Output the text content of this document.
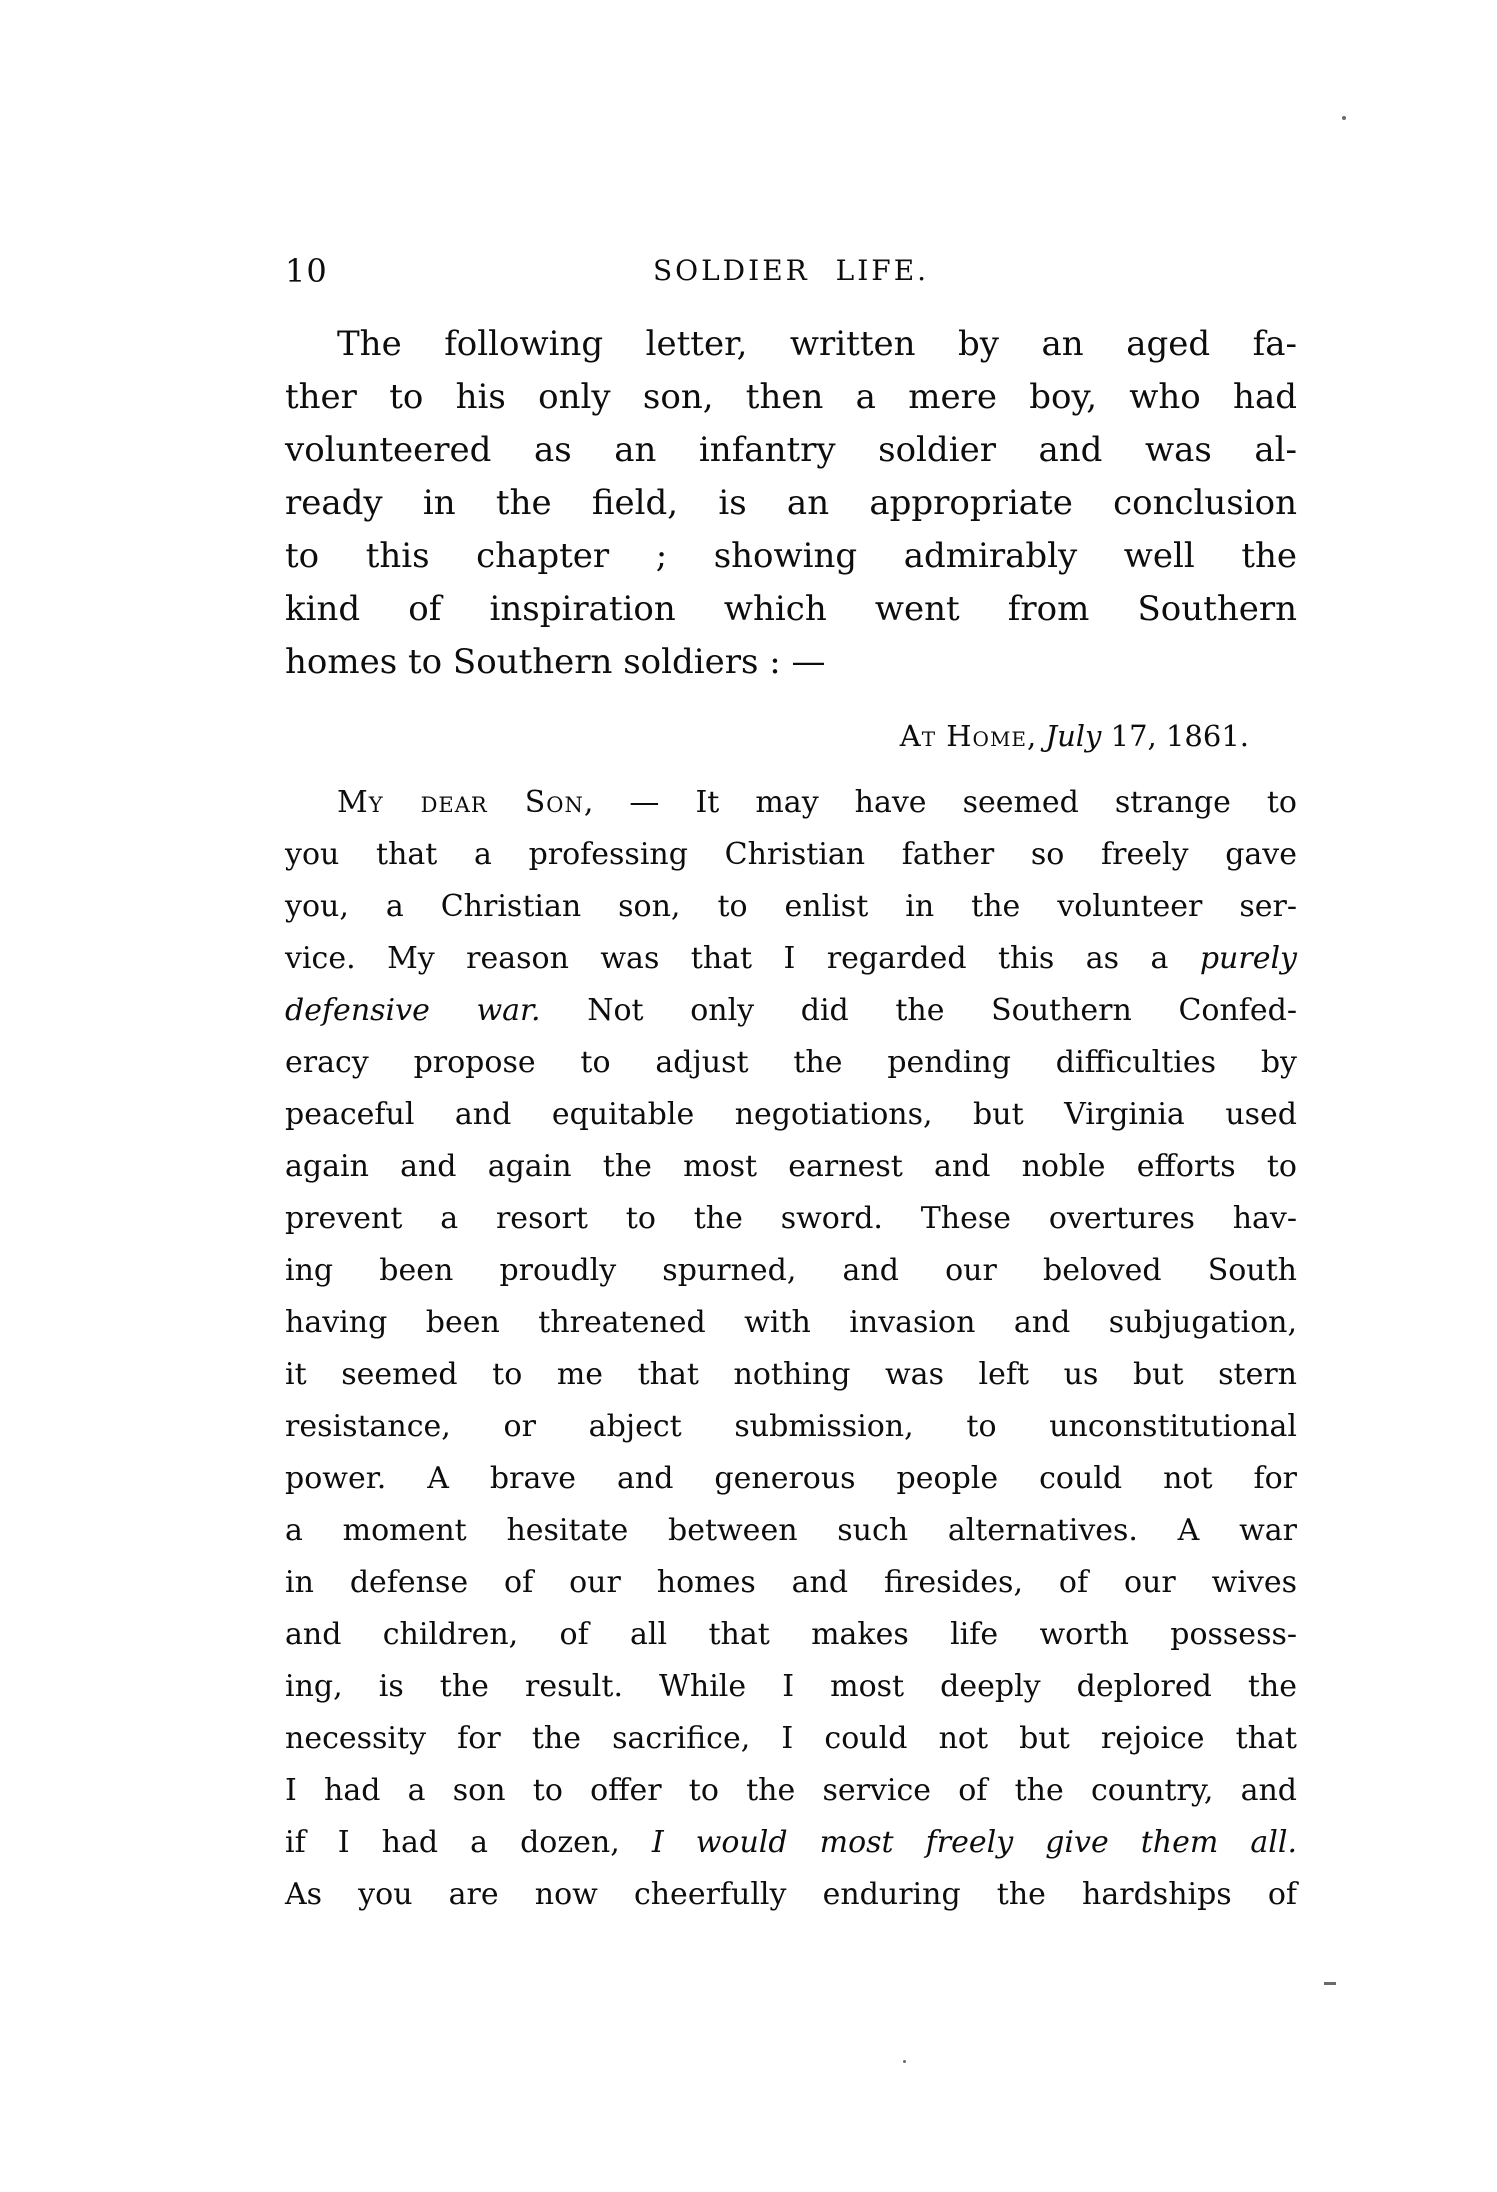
10	SOLDIER LIFE.
The following letter, written by an aged fa-
ther to his only son, then a mere boy, who had
volunteered as an infantry soldier and was al-
ready in the field, is an appropriate conclusion
to this chapter ; showing admirably well the
kind of inspiration which went from Southern
homes to Southern soldiers : —
At Home, July 17, 1861.
My dear Son, — It may have seemed strange to
you that a professing Christian father so freely gave
you, a Christian son, to enlist in the volunteer ser-
vice. My reason was that I regarded this as a purely
defensive war. Not only did the Southern Confed-
eracy propose to adjust the pending difficulties by
peaceful and equitable negotiations, but Virginia used
again and again the most earnest and noble efforts to
prevent a resort to the sword. These overtures hav-
ing been proudly spurned, and our beloved South
having been threatened with invasion and subjugation,
it seemed to me that nothing was left us but stern
resistance, or abject submission, to unconstitutional
power. A brave and generous people could not for
a moment hesitate between such alternatives. A war
in defense of our homes and firesides, of our wives
and children, of all that makes life worth possess-
ing, is the result. While I most deeply deplored the
necessity for the sacrifice, I could not but rejoice that
I had a son to offer to the service of the country, and
if I had a dozen, I would most freely give them all.
As you are now cheerfully enduring the hardships of
